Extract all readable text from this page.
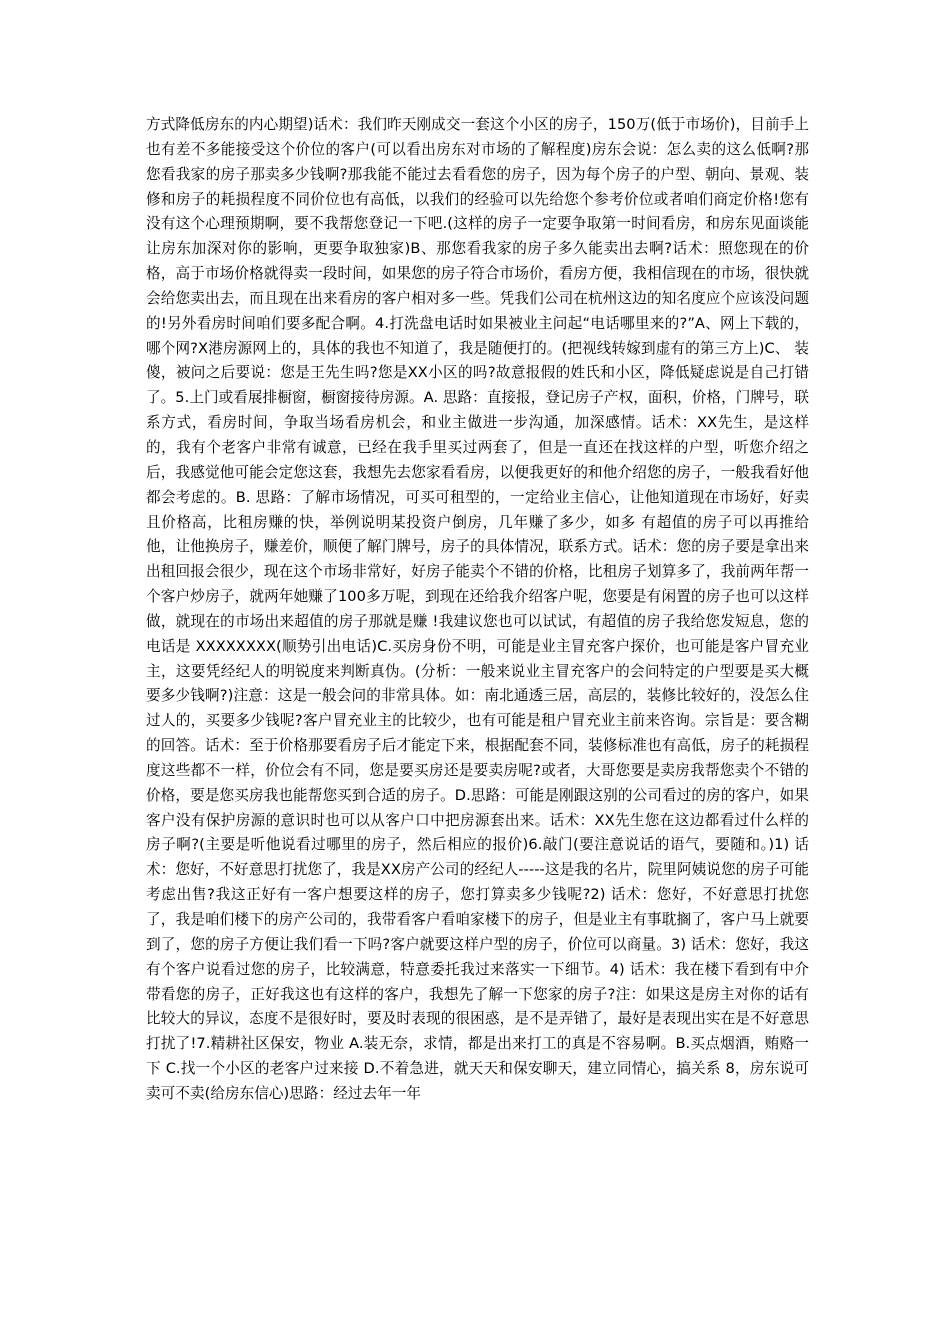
方式降低房东的内心期望)话术：我们昨天刚成交一套这个小区的房子，150万(低于市场价)，目前手上也有差不多能接受这个价位的客户(可以看出房东对市场的了解程度)房东会说：怎么卖的这么低啊?那您看我家的房子那卖多少钱啊?那我能不能过去看看您的房子，因为每个房子的户型、朝向、景观、装修和房子的耗损程度不同价位也有高低，以我们的经验可以先给您个参考价位或者咱们商定价格!您有没有这个心理预期啊，要不我帮您登记一下吧.(这样的房子一定要争取第一时间看房，和房东见面谈能让房东加深对你的影响，更要争取独家)B、那您看我家的房子多久能卖出去啊?话术：照您现在的价格，高于市场价格就得卖一段时间，如果您的房子符合市场价，看房方便，我相信现在的市场，很快就会给您卖出去，而且现在出来看房的客户相对多一些。凭我们公司在杭州这边的知名度应个应该没问题的!另外看房时间咱们要多配合啊。4.打洗盘电话时如果被业主问起“电话哪里来的?”A、网上下载的，哪个网?X港房源网上的，具体的我也不知道了，我是随便打的。(把视线转嫁到虚有的第三方上)C、 装傻，被问之后要说：您是王先生吗?您是XX小区的吗?故意报假的姓氏和小区，降低疑虑说是自己打错了。5.上门或看展排橱窗，橱窗接待房源。A. 思路：直接报，登记房子产权，面积，价格，门牌号，联系方式，看房时间，争取当场看房机会，和业主做进一步沟通，加深感情。话术：XX先生，是这样的，我有个老客户非常有诚意，已经在我手里买过两套了，但是一直还在找这样的户型，听您介绍之后，我感觉他可能会定您这套，我想先去您家看看房，以便我更好的和他介绍您的房子，一般我看好他都会考虑的。B. 思路：了解市场情况，可买可租型的，一定给业主信心，让他知道现在市场好，好卖且价格高，比租房赚的快，举例说明某投资户倒房，几年赚了多少，如多 有超值的房子可以再推给他，让他换房子，赚差价，顺便了解门牌号，房子的具体情况，联系方式。话术：您的房子要是拿出来出租回报会很少，现在这个市场非常好，好房子能卖个不错的价格，比租房子划算多了，我前两年帮一个客户炒房子，就两年她赚了100多万呢，到现在还给我介绍客户呢，您要是有闲置的房子也可以这样做，就现在的市场出来超值的房子那就是赚 !我建议您也可以试试，有超值的房子我给您发短息，您的电话是 XXXXXXXX(顺势引出电话)C.买房身份不明，可能是业主冒充客户探价，也可能是客户冒充业主，这要凭经纪人的明锐度来判断真伪。(分析：一般来说业主冒充客户的会问特定的户型要是买大概要多少钱啊?)注意：这是一般会问的非常具体。如：南北通透三居，高层的，装修比较好的，没怎么住过人的，买要多少钱呢?客户冒充业主的比较少，也有可能是租户冒充业主前来咨询。宗旨是：要含糊的回答。话术：至于价格那要看房子后才能定下来，根据配套不同，装修标准也有高低，房子的耗损程度这些都不一样，价位会有不同，您是要买房还是要卖房呢?或者，大哥您要是卖房我帮您卖个不错的价格，要是您买房我也能帮您买到合适的房子。D.思路：可能是刚跟这别的公司看过的房的客户，如果客户没有保护房源的意识时也可以从客户口中把房源套出来。话术：XX先生您在这边都看过什么样的房子啊?(主要是听他说看过哪里的房子，然后相应的报价)6.敲门(要注意说话的语气，要随和。)1) 话术：您好，不好意思打扰您了，我是XX房产公司的经纪人-----这是我的名片，院里阿姨说您的房子可能考虑出售?我这正好有一客户想要这样的房子，您打算卖多少钱呢?2) 话术：您好，不好意思打扰您了，我是咱们楼下的房产公司的，我带看客户看咱家楼下的房子，但是业主有事耽搁了，客户马上就要到了，您的房子方便让我们看一下吗?客户就要这样户型的房子，价位可以商量。3) 话术：您好，我这有个客户说看过您的房子，比较满意，特意委托我过来落实一下细节。4) 话术：我在楼下看到有中介带看您的房子，正好我这也有这样的客户，我想先了解一下您家的房子?注：如果这是房主对你的话有比较大的异议，态度不是很好时，要及时表现的很困惑，是不是弄错了，最好是表现出实在是不好意思打扰了!7.精耕社区保安，物业 A.装无奈，求情，都是出来打工的真是不容易啊。B.买点烟酒，贿赂一下 C.找一个小区的老客户过来接 D.不着急进，就天天和保安聊天，建立同情心，搞关系 8，房东说可卖可不卖(给房东信心)思路：经过去年一年
